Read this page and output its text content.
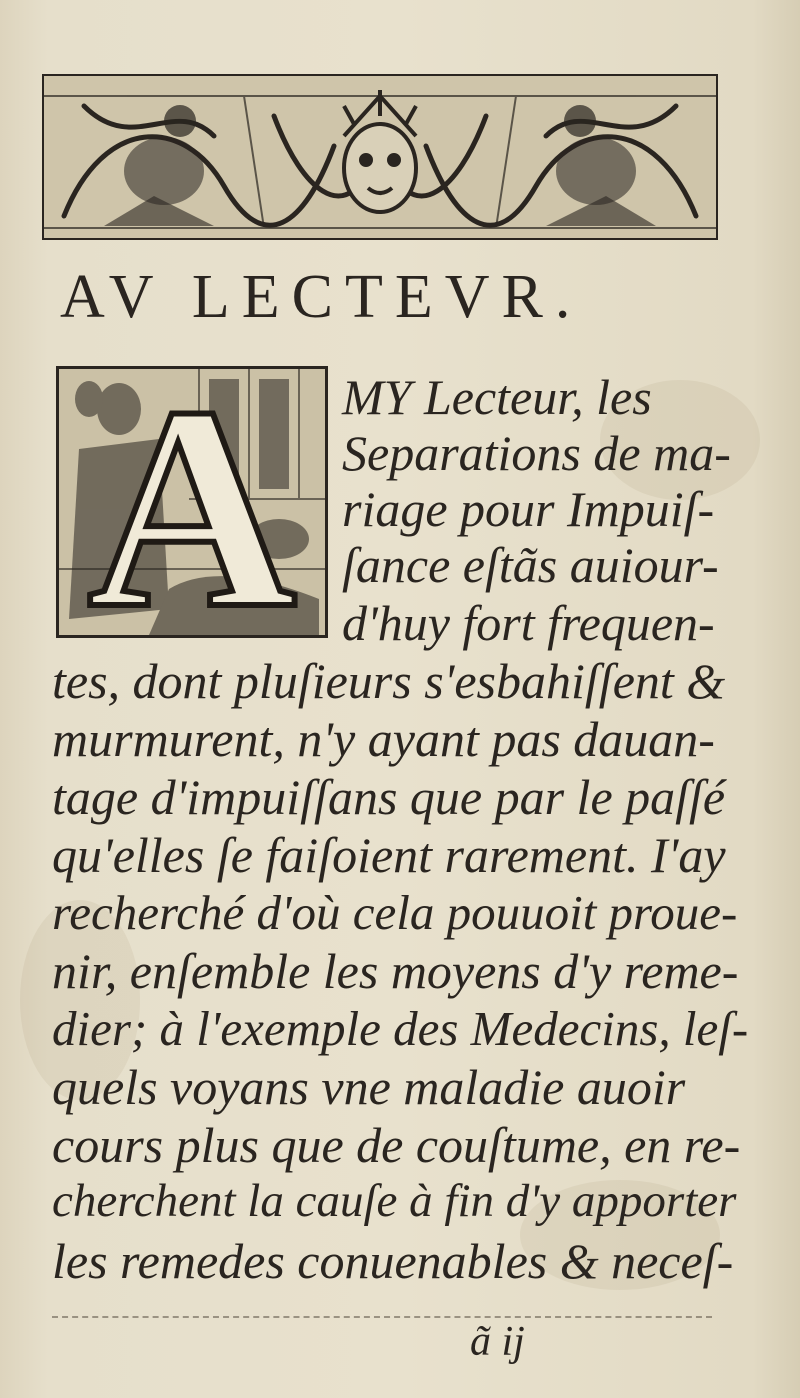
AV LECTEVR.
A MY Lecteur, les
Separations de ma-
riage pour Impuiſ-
ſance eſtãs auiour-
d'huy fort frequen-
tes, dont pluſieurs s'esbahiſſent &
murmurent, n'y ayant pas dauan-
tage d'impuiſſans que par le paſſé
qu'elles ſe faiſoient rarement. I'ay
recherché d'où cela pouuoit proue-
nir, enſemble les moyens d'y reme-
dier; à l'exemple des Medecins, leſ-
quels voyans vne maladie auoir
cours plus que de couſtume, en re-
cherchent la cauſe à fin d'y apporter
les remedes conuenables & neceſ-
ã ij
